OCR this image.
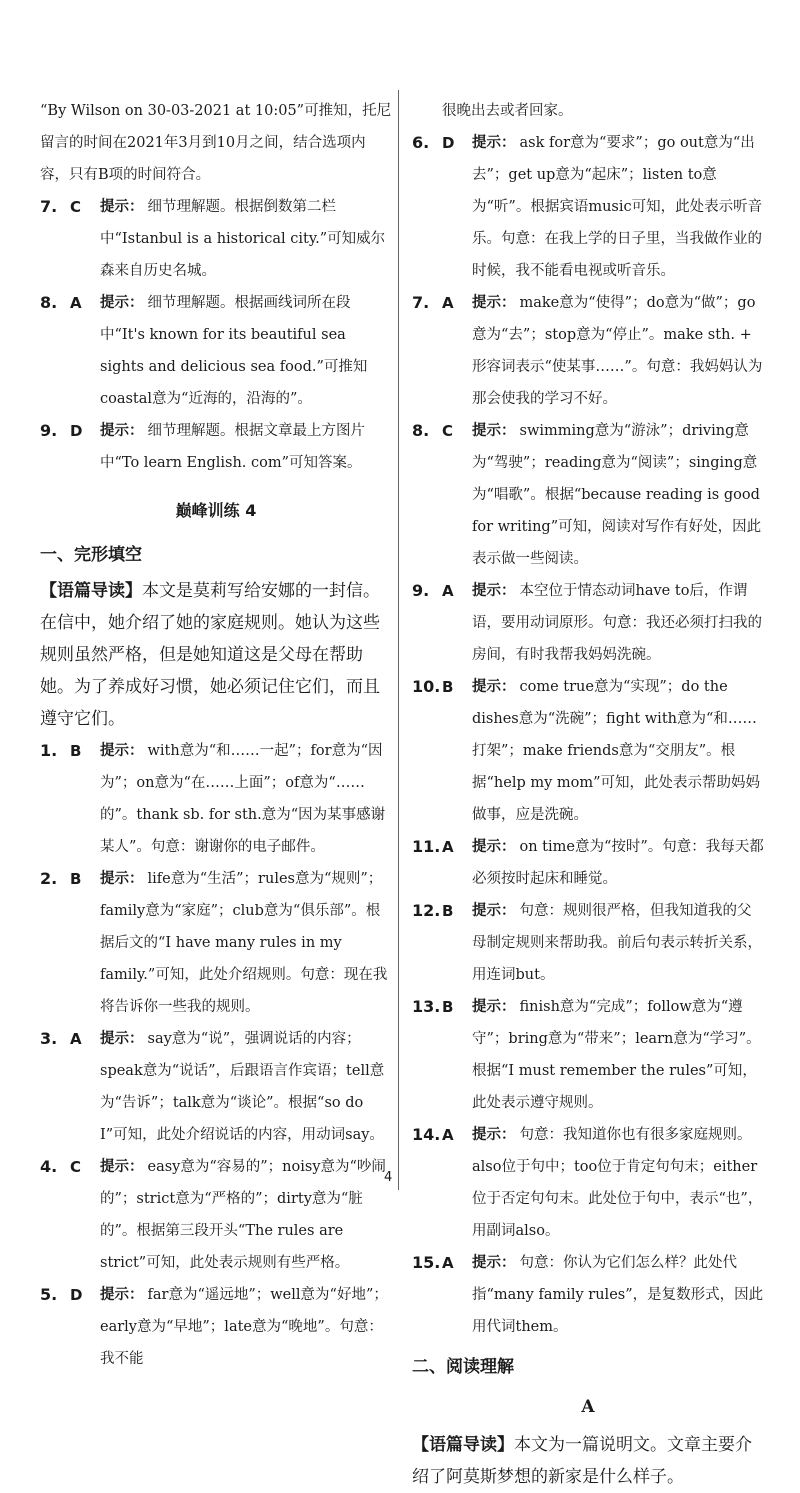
“By Wilson on 30-03-2021 at 10:05”可推知，托尼留言的时间在2021年3月到10月之间，结合选项内容，只有B项的时间符合。
7. C	提示： 细节理解题。根据倒数第二栏中“Istanbul is a historical city.”可知威尔森来自历史名城。
8. A	提示： 细节理解题。根据画线词所在段中“It's known for its beautiful sea sights and delicious sea food.”可推知coastal意为“近海的，沿海的”。
9. D	提示： 细节理解题。根据文章最上方图片中“To learn English. com”可知答案。
巅峰训练 4
一、完形填空
【语篇导读】本文是莫莉写给安娜的一封信。在信中，她介绍了她的家庭规则。她认为这些规则虽然严格，但是她知道这是父母在帮助她。为了养成好习惯，她必须记住它们，而且遵守它们。
1. B	提示： with意为“和……一起”；for意为“因为”；on意为“在……上面”；of意为“……的”。thank sb. for sth.意为“因为某事感谢某人”。句意：谢谢你的电子邮件。
2. B	提示： life意为“生活”；rules意为“规则”；family意为“家庭”；club意为“俱乐部”。根据后文的“I have many rules in my family.”可知，此处介绍规则。句意：现在我将告诉你一些我的规则。
3. A	提示： say意为“说”，强调说话的内容；speak意为“说话”，后跟语言作宾语；tell意为“告诉”；talk意为“谈论”。根据“so do I”可知，此处介绍说话的内容，用动词say。
4. C	提示： easy意为“容易的”；noisy意为“吵闹的”；strict意为“严格的”；dirty意为“脏的”。根据第三段开头“The rules are strict”可知，此处表示规则有些严格。
5. D	提示： far意为“遥远地”；well意为“好地”；early意为“早地”；late意为“晚地”。句意：我不能
很晚出去或者回家。
6. D	提示： ask for意为“要求”；go out意为“出去”；get up意为“起床”；listen to意为“听”。根据宾语music可知，此处表示听音乐。句意：在我上学的日子里，当我做作业的时候，我不能看电视或听音乐。
7. A	提示： make意为“使得”；do意为“做”；go意为“去”；stop意为“停止”。make sth. + 形容词表示“使某事……”。句意：我妈妈认为那会使我的学习不好。
8. C	提示： swimming意为“游泳”；driving意为“驾驶”；reading意为“阅读”；singing意为“唱歌”。根据“because reading is good for writing”可知，阅读对写作有好处，因此表示做一些阅读。
9. A	提示： 本空位于情态动词have to后，作谓语，要用动词原形。句意：我还必须打扫我的房间，有时我帮我妈妈洗碗。
10. B	提示： come true意为“实现”；do the dishes意为“洗碗”；fight with意为“和……打架”；make friends意为“交朋友”。根据“help my mom”可知，此处表示帮助妈妈做事，应是洗碗。
11. A	提示： on time意为“按时”。句意：我每天都必须按时起床和睡觉。
12. B	提示： 句意：规则很严格，但我知道我的父母制定规则来帮助我。前后句表示转折关系，用连词but。
13. B	提示： finish意为“完成”；follow意为“遵守”；bring意为“带来”；learn意为“学习”。根据“I must remember the rules”可知，此处表示遵守规则。
14. A	提示： 句意：我知道你也有很多家庭规则。also位于句中；too位于肯定句句末；either位于否定句句末。此处位于句中，表示“也”，用副词also。
15. A	提示： 句意：你认为它们怎么样？此处代指“many family rules”，是复数形式，因此用代词them。
二、阅读理解
A
【语篇导读】本文为一篇说明文。文章主要介绍了阿莫斯梦想的新家是什么样子。
4
